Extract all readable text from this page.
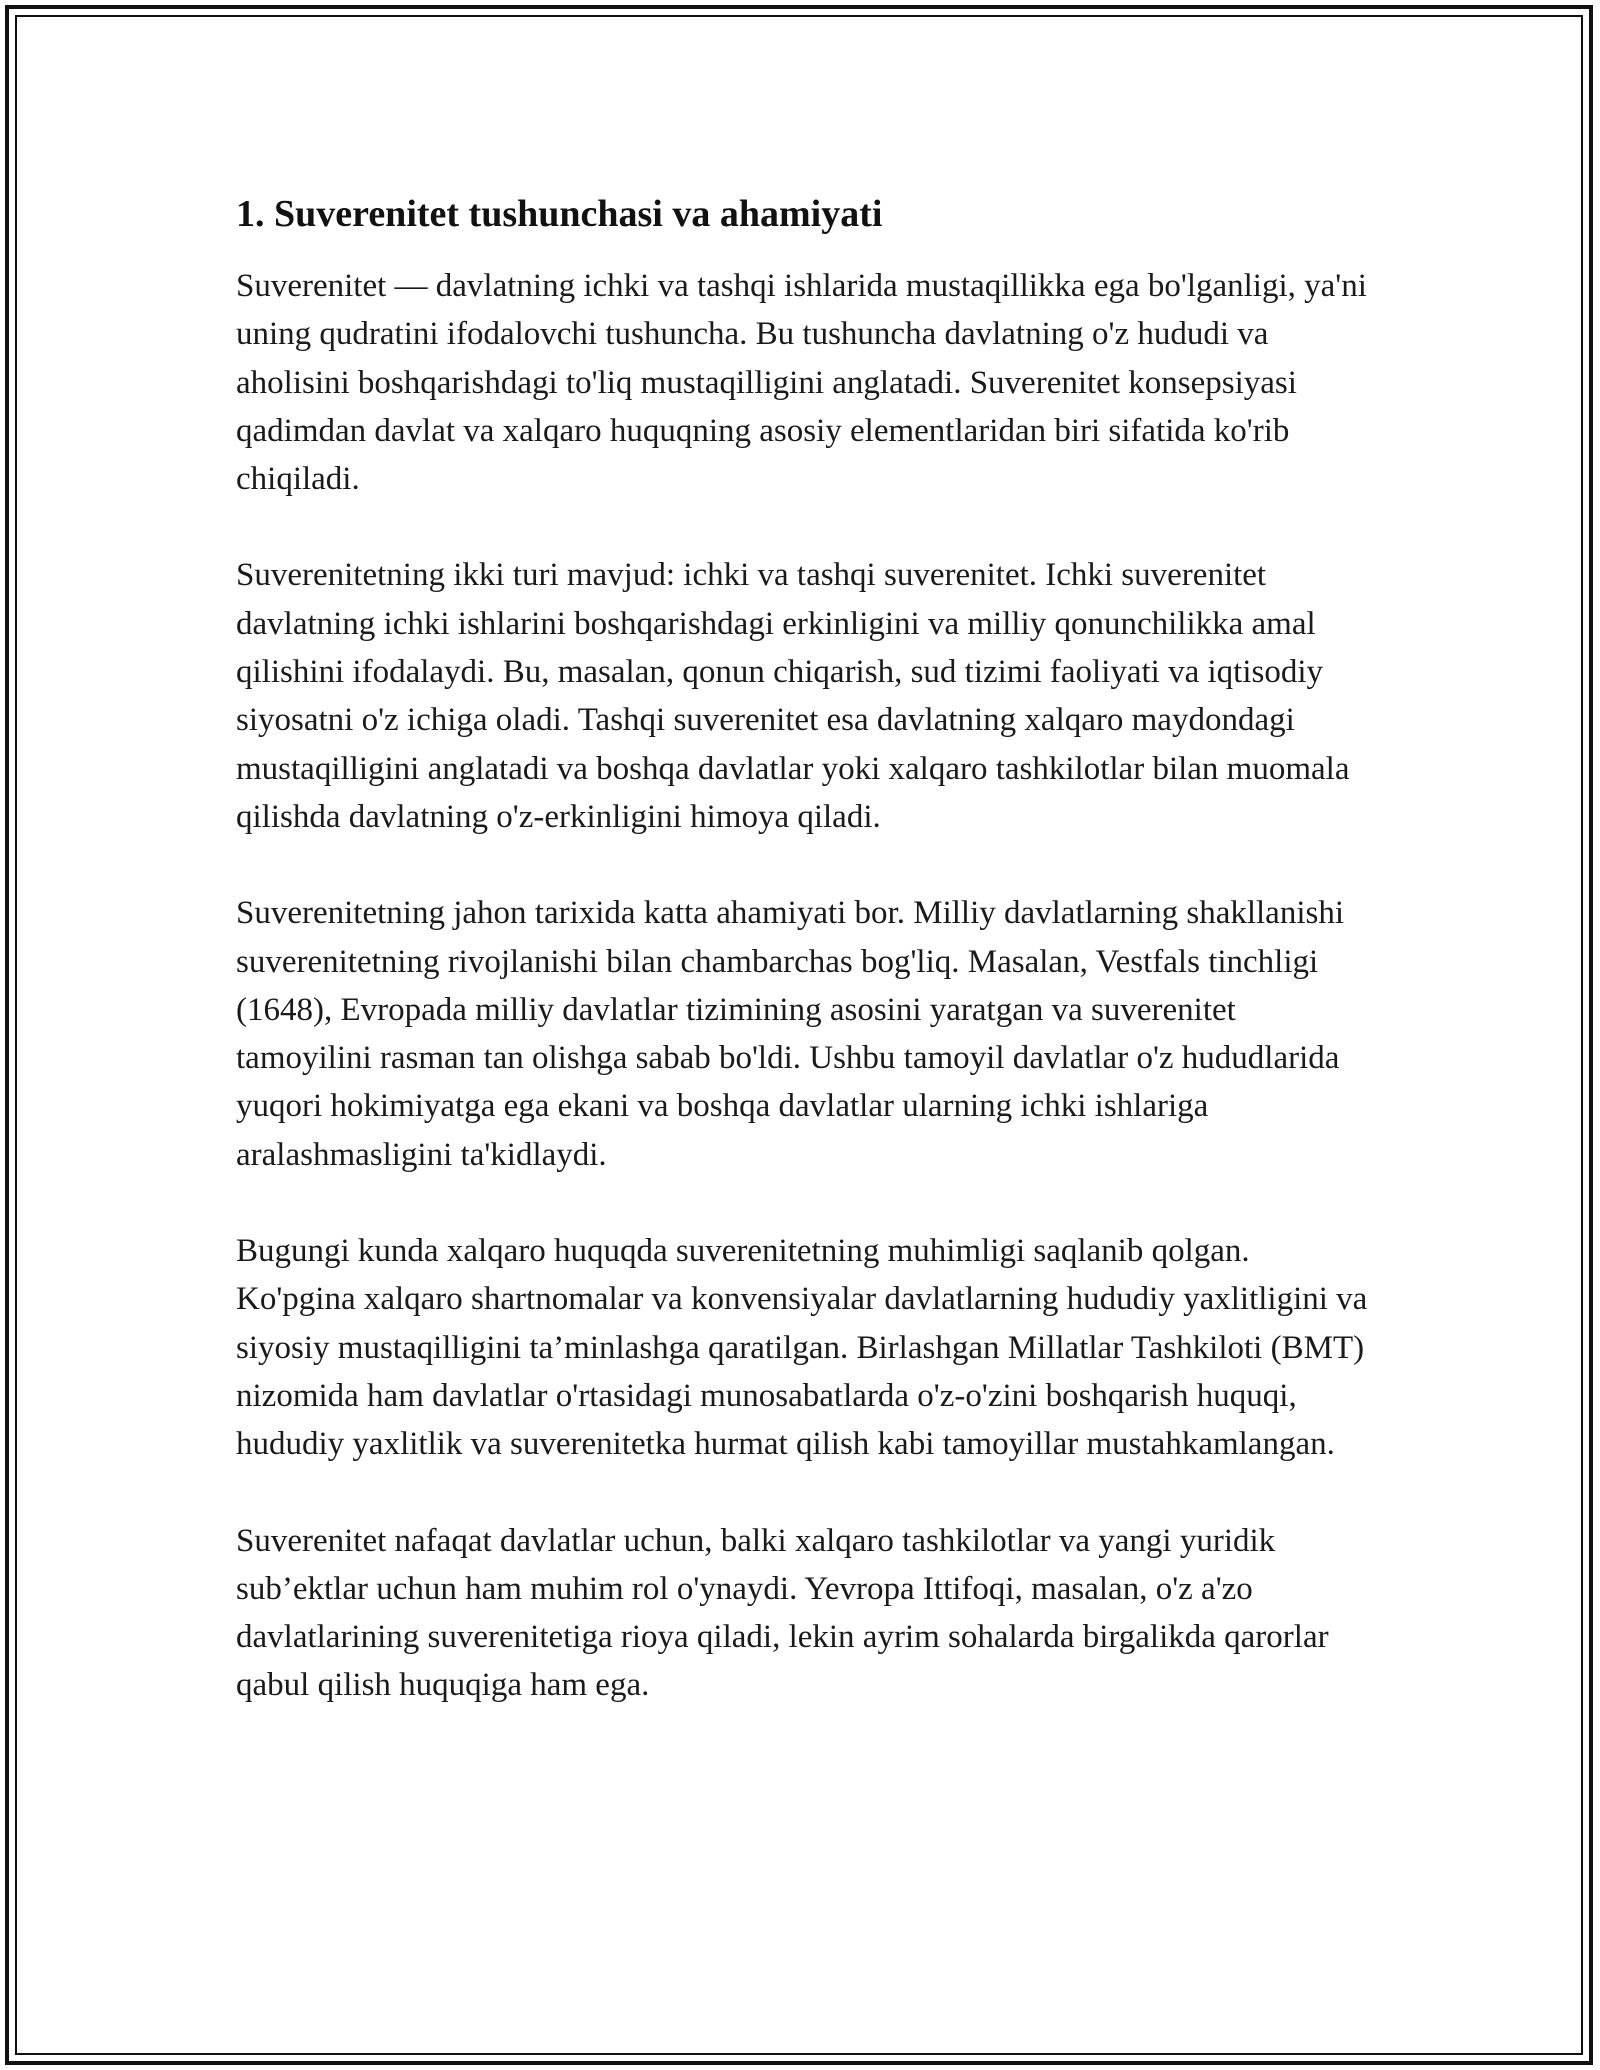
1. Suverenitet tushunchasi va ahamiyati

Suverenitet — davlatning ichki va tashqi ishlarida mustaqillikka ega bo'lganligi, ya'ni uning qudratini ifodalovchi tushuncha. Bu tushuncha davlatning o'z hududi va aholisini boshqarishdagi to'liq mustaqilligini anglatadi. Suverenitet konsepsiyasi qadimdan davlat va xalqaro huquqning asosiy elementlaridan biri sifatida ko'rib chiqiladi.

Suverenitetning ikki turi mavjud: ichki va tashqi suverenitet. Ichki suverenitet davlatning ichki ishlarini boshqarishdagi erkinligini va milliy qonunchilikka amal qilishini ifodalaydi. Bu, masalan, qonun chiqarish, sud tizimi faoliyati va iqtisodiy siyosatni o'z ichiga oladi. Tashqi suverenitet esa davlatning xalqaro maydondagi mustaqilligini anglatadi va boshqa davlatlar yoki xalqaro tashkilotlar bilan muomala qilishda davlatning o'z-erkinligini himoya qiladi.

Suverenitetning jahon tarixida katta ahamiyati bor. Milliy davlatlarning shakllanishi suverenitetning rivojlanishi bilan chambarchas bog'liq. Masalan, Vestfals tinchligi (1648), Evropada milliy davlatlar tizimining asosini yaratgan va suverenitet tamoyilini rasman tan olishga sabab bo'ldi. Ushbu tamoyil davlatlar o'z hududlarida yuqori hokimiyatga ega ekani va boshqa davlatlar ularning ichki ishlariga aralashmasligini ta'kidlaydi.

Bugungi kunda xalqaro huquqda suverenitetning muhimligi saqlanib qolgan. Ko'pgina xalqaro shartnomalar va konvensiyalar davlatlarning hududiy yaxlitligini va siyosiy mustaqilligini ta’minlashga qaratilgan. Birlashgan Millatlar Tashkiloti (BMT) nizomida ham davlatlar o'rtasidagi munosabatlarda o'z-o'zini boshqarish huquqi, hududiy yaxlitlik va suverenitetka hurmat qilish kabi tamoyillar mustahkamlangan.

Suverenitet nafaqat davlatlar uchun, balki xalqaro tashkilotlar va yangi yuridik sub’ektlar uchun ham muhim rol o'ynaydi. Yevropa Ittifoqi, masalan, o'z a'zo davlatlarining suverenitetiga rioya qiladi, lekin ayrim sohalarda birgalikda qarorlar qabul qilish huquqiga ham ega.
